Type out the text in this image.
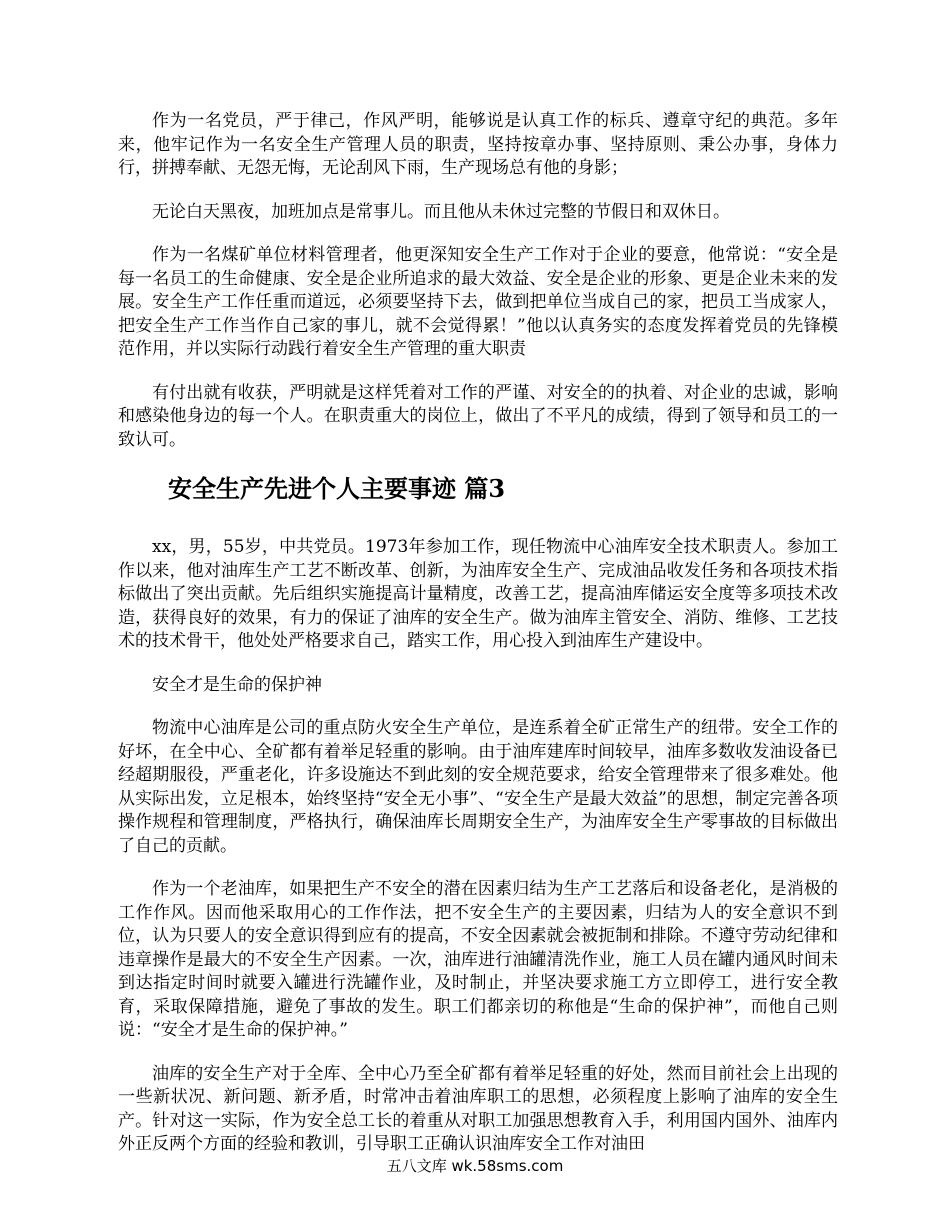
作为一名党员，严于律己，作风严明，能够说是认真工作的标兵、遵章守纪的典范。多年来，他牢记作为一名安全生产管理人员的职责，坚持按章办事、坚持原则、秉公办事，身体力行，拼搏奉献、无怨无悔，无论刮风下雨，生产现场总有他的身影；

无论白天黑夜，加班加点是常事儿。而且他从未休过完整的节假日和双休日。

作为一名煤矿单位材料管理者，他更深知安全生产工作对于企业的要意，他常说：“安全是每一名员工的生命健康、安全是企业所追求的最大效益、安全是企业的形象、更是企业未来的发展。安全生产工作任重而道远，必须要坚持下去，做到把单位当成自己的家，把员工当成家人，把安全生产工作当作自己家的事儿，就不会觉得累！”他以认真务实的态度发挥着党员的先锋模范作用，并以实际行动践行着安全生产管理的重大职责

有付出就有收获，严明就是这样凭着对工作的严谨、对安全的的执着、对企业的忠诚，影响和感染他身边的每一个人。在职责重大的岗位上，做出了不平凡的成绩，得到了领导和员工的一致认可。

安全生产先进个人主要事迹 篇3

xx，男，55岁，中共党员。1973年参加工作，现任物流中心油库安全技术职责人。参加工作以来，他对油库生产工艺不断改革、创新，为油库安全生产、完成油品收发任务和各项技术指标做出了突出贡献。先后组织实施提高计量精度，改善工艺，提高油库储运安全度等多项技术改造，获得良好的效果，有力的保证了油库的安全生产。做为油库主管安全、消防、维修、工艺技术的技术骨干，他处处严格要求自己，踏实工作，用心投入到油库生产建设中。

安全才是生命的保护神

物流中心油库是公司的重点防火安全生产单位，是连系着全矿正常生产的纽带。安全工作的好坏，在全中心、全矿都有着举足轻重的影响。由于油库建库时间较早，油库多数收发油设备已经超期服役，严重老化，许多设施达不到此刻的安全规范要求，给安全管理带来了很多难处。他从实际出发，立足根本，始终坚持“安全无小事”、“安全生产是最大效益”的思想，制定完善各项操作规程和管理制度，严格执行，确保油库长周期安全生产，为油库安全生产零事故的目标做出了自己的贡献。

作为一个老油库，如果把生产不安全的潜在因素归结为生产工艺落后和设备老化，是消极的工作作风。因而他采取用心的工作作法，把不安全生产的主要因素，归结为人的安全意识不到位，认为只要人的安全意识得到应有的提高，不安全因素就会被扼制和排除。不遵守劳动纪律和违章操作是最大的不安全生产因素。一次，油库进行油罐清洗作业，施工人员在罐内通风时间未到达指定时间时就要入罐进行洗罐作业，及时制止，并坚决要求施工方立即停工，进行安全教育，采取保障措施，避免了事故的发生。职工们都亲切的称他是“生命的保护神”，而他自己则说：“安全才是生命的保护神。”

油库的安全生产对于全库、全中心乃至全矿都有着举足轻重的好处，然而目前社会上出现的一些新状况、新问题、新矛盾，时常冲击着油库职工的思想，必须程度上影响了油库的安全生产。针对这一实际，作为安全总工长的着重从对职工加强思想教育入手，利用国内国外、油库内外正反两个方面的经验和教训，引导职工正确认识油库安全工作对油田

五八文库 wk.58sms.com
